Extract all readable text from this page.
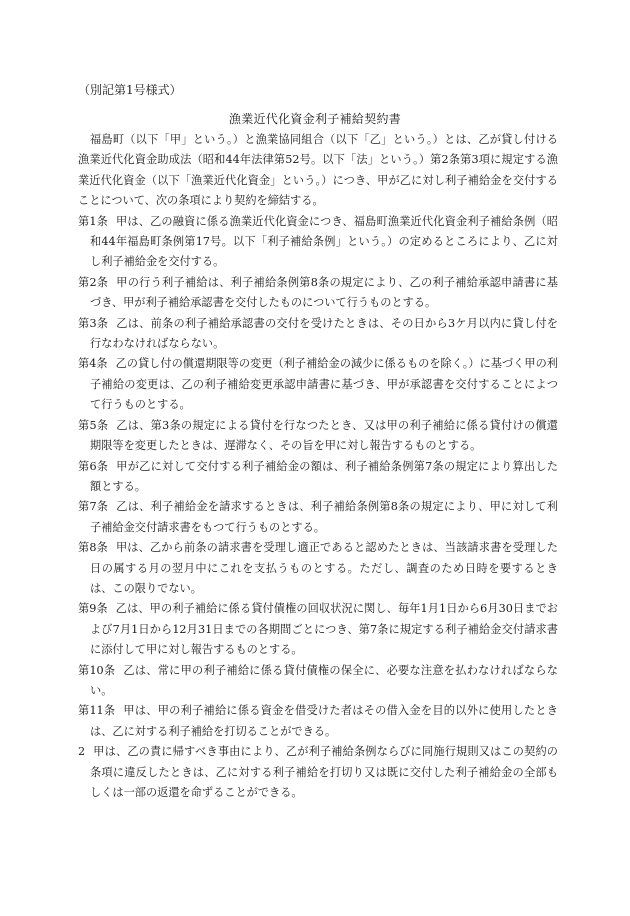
（別記第1号様式）
漁業近代化資金利子補給契約書

福島町（以下「甲」という。）と漁業協同組合（以下「乙」という。）とは、乙が貸し付ける漁業近代化資金助成法（昭和44年法律第52号。以下「法」という。）第2条第3項に規定する漁業近代化資金（以下「漁業近代化資金」という。）につき、甲が乙に対し利子補給金を交付することについて、次の条項により契約を締結する。

第1条 甲は、乙の融資に係る漁業近代化資金につき、福島町漁業近代化資金利子補給条例（昭和44年福島町条例第17号。以下「利子補給条例」という。）の定めるところにより、乙に対し利子補給金を交付する。

第2条 甲の行う利子補給は、利子補給条例第8条の規定により、乙の利子補給承認申請書に基づき、甲が利子補給承認書を交付したものについて行うものとする。

第3条 乙は、前条の利子補給承認書の交付を受けたときは、その日から3ケ月以内に貸し付を行なわなければならない。

第4条 乙の貸し付の償還期限等の変更（利子補給金の減少に係るものを除く。）に基づく甲の利子補給の変更は、乙の利子補給変更承認申請書に基づき、甲が承認書を交付することによつて行うものとする。

第5条 乙は、第3条の規定による貸付を行なつたとき、又は甲の利子補給に係る貸付けの償還期限等を変更したときは、遅滞なく、その旨を甲に対し報告するものとする。

第6条 甲が乙に対して交付する利子補給金の額は、利子補給条例第7条の規定により算出した額とする。

第7条 乙は、利子補給金を請求するときは、利子補給条例第8条の規定により、甲に対して利子補給金交付請求書をもつて行うものとする。

第8条 甲は、乙から前条の請求書を受理し適正であると認めたときは、当該請求書を受理した日の属する月の翌月中にこれを支払うものとする。ただし、調査のため日時を要するときは、この限りでない。

第9条 乙は、甲の利子補給に係る貸付債権の回収状況に関し、毎年1月1日から6月30日までおよび7月1日から12月31日までの各期間ごとにつき、第7条に規定する利子補給金交付請求書に添付して甲に対し報告するものとする。

第10条 乙は、常に甲の利子補給に係る貸付債権の保全に、必要な注意を払わなければならない。

第11条 甲は、甲の利子補給に係る資金を借受けた者はその借入金を目的以外に使用したときは、乙に対する利子補給を打切ることができる。

2 甲は、乙の責に帰すべき事由により、乙が利子補給条例ならびに同施行規則又はこの契約の条項に違反したときは、乙に対する利子補給を打切り又は既に交付した利子補給金の全部もしくは一部の返還を命ずることができる。
